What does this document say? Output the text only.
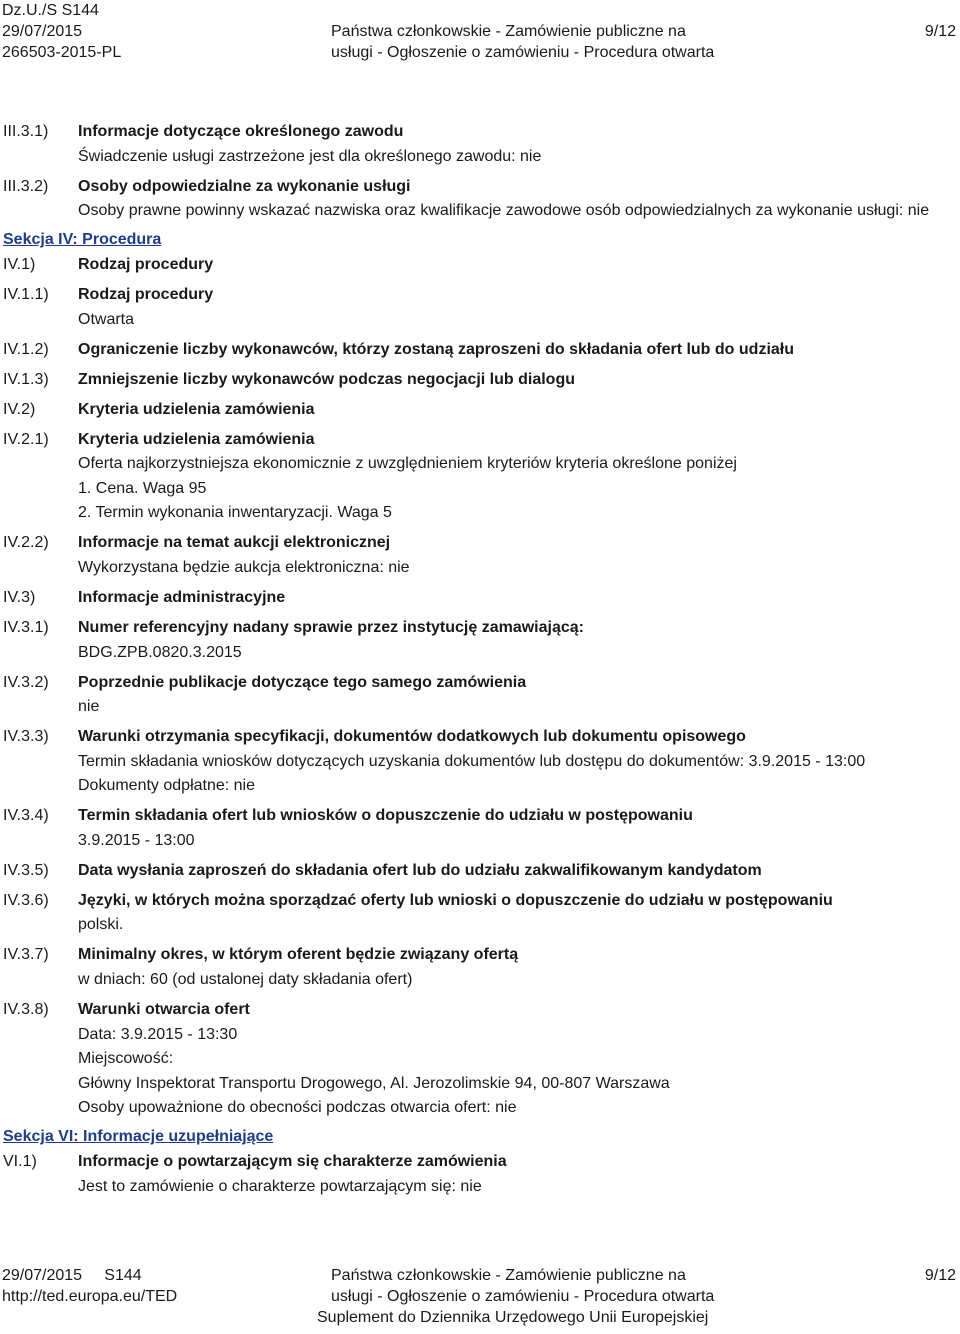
Dz.U./S S144
29/07/2015
266503-2015-PL
Państwa członkowskie - Zamówienie publiczne na
usługi - Ogłoszenie o zamówieniu - Procedura otwarta
9/12
III.3.1)	Informacje dotyczące określonego zawodu
Świadczenie usługi zastrzeżone jest dla określonego zawodu: nie
III.3.2)	Osoby odpowiedzialne za wykonanie usługi
Osoby prawne powinny wskazać nazwiska oraz kwalifikacje zawodowe osób odpowiedzialnych za wykonanie usługi: nie
Sekcja IV: Procedura
IV.1)	Rodzaj procedury
IV.1.1)	Rodzaj procedury
Otwarta
IV.1.2)	Ograniczenie liczby wykonawców, którzy zostaną zaproszeni do składania ofert lub do udziału
IV.1.3)	Zmniejszenie liczby wykonawców podczas negocjacji lub dialogu
IV.2)	Kryteria udzielenia zamówienia
IV.2.1)	Kryteria udzielenia zamówienia
Oferta najkorzystniejsza ekonomicznie z uwzględnieniem kryteriów kryteria określone poniżej
1. Cena. Waga 95
2. Termin wykonania inwentaryzacji. Waga 5
IV.2.2)	Informacje na temat aukcji elektronicznej
Wykorzystana będzie aukcja elektroniczna: nie
IV.3)	Informacje administracyjne
IV.3.1)	Numer referencyjny nadany sprawie przez instytucję zamawiającą:
BDG.ZPB.0820.3.2015
IV.3.2)	Poprzednie publikacje dotyczące tego samego zamówienia
nie
IV.3.3)	Warunki otrzymania specyfikacji, dokumentów dodatkowych lub dokumentu opisowego
Termin składania wniosków dotyczących uzyskania dokumentów lub dostępu do dokumentów: 3.9.2015 - 13:00
Dokumenty odpłatne: nie
IV.3.4)	Termin składania ofert lub wniosków o dopuszczenie do udziału w postępowaniu
3.9.2015 - 13:00
IV.3.5)	Data wysłania zaproszeń do składania ofert lub do udziału zakwalifikowanym kandydatom
IV.3.6)	Języki, w których można sporządzać oferty lub wnioski o dopuszczenie do udziału w postępowaniu
polski.
IV.3.7)	Minimalny okres, w którym oferent będzie związany ofertą
w dniach: 60 (od ustalonej daty składania ofert)
IV.3.8)	Warunki otwarcia ofert
Data: 3.9.2015 - 13:30
Miejscowość:
Główny Inspektorat Transportu Drogowego, Al. Jerozolimskie 94, 00-807 Warszawa
Osoby upoważnione do obecności podczas otwarcia ofert: nie
Sekcja VI: Informacje uzupełniające
VI.1)	Informacje o powtarzającym się charakterze zamówienia
Jest to zamówienie o charakterze powtarzającym się: nie
29/07/2015     S144
http://ted.europa.eu/TED
Państwa członkowskie - Zamówienie publiczne na
usługi - Ogłoszenie o zamówieniu - Procedura otwarta
Suplement do Dziennika Urzędowego Unii Europejskiej
9/12
